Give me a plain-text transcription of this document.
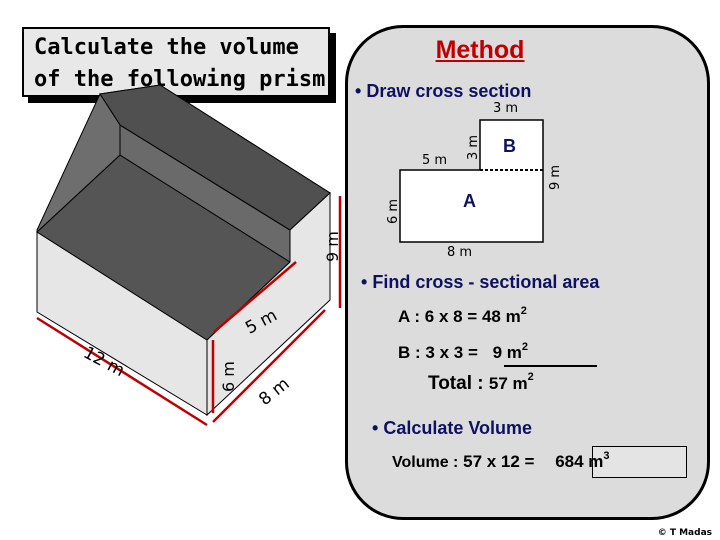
Calculate the volume
of the following prism
9 m
5 m
12 m	6 m 8 m
Method
• Draw cross section
3 m
3 m
5 m
9 m
6 m
8 m
A
B
• Find cross - sectional area
A : 6 x 8 = 48 $m^2$
B : 3 x 3 = 9 $m^2$
Total : 57 $m^2$
• Calculate Volume
Volume : 57 x 12 = 684 $m^3$
© T Madas
